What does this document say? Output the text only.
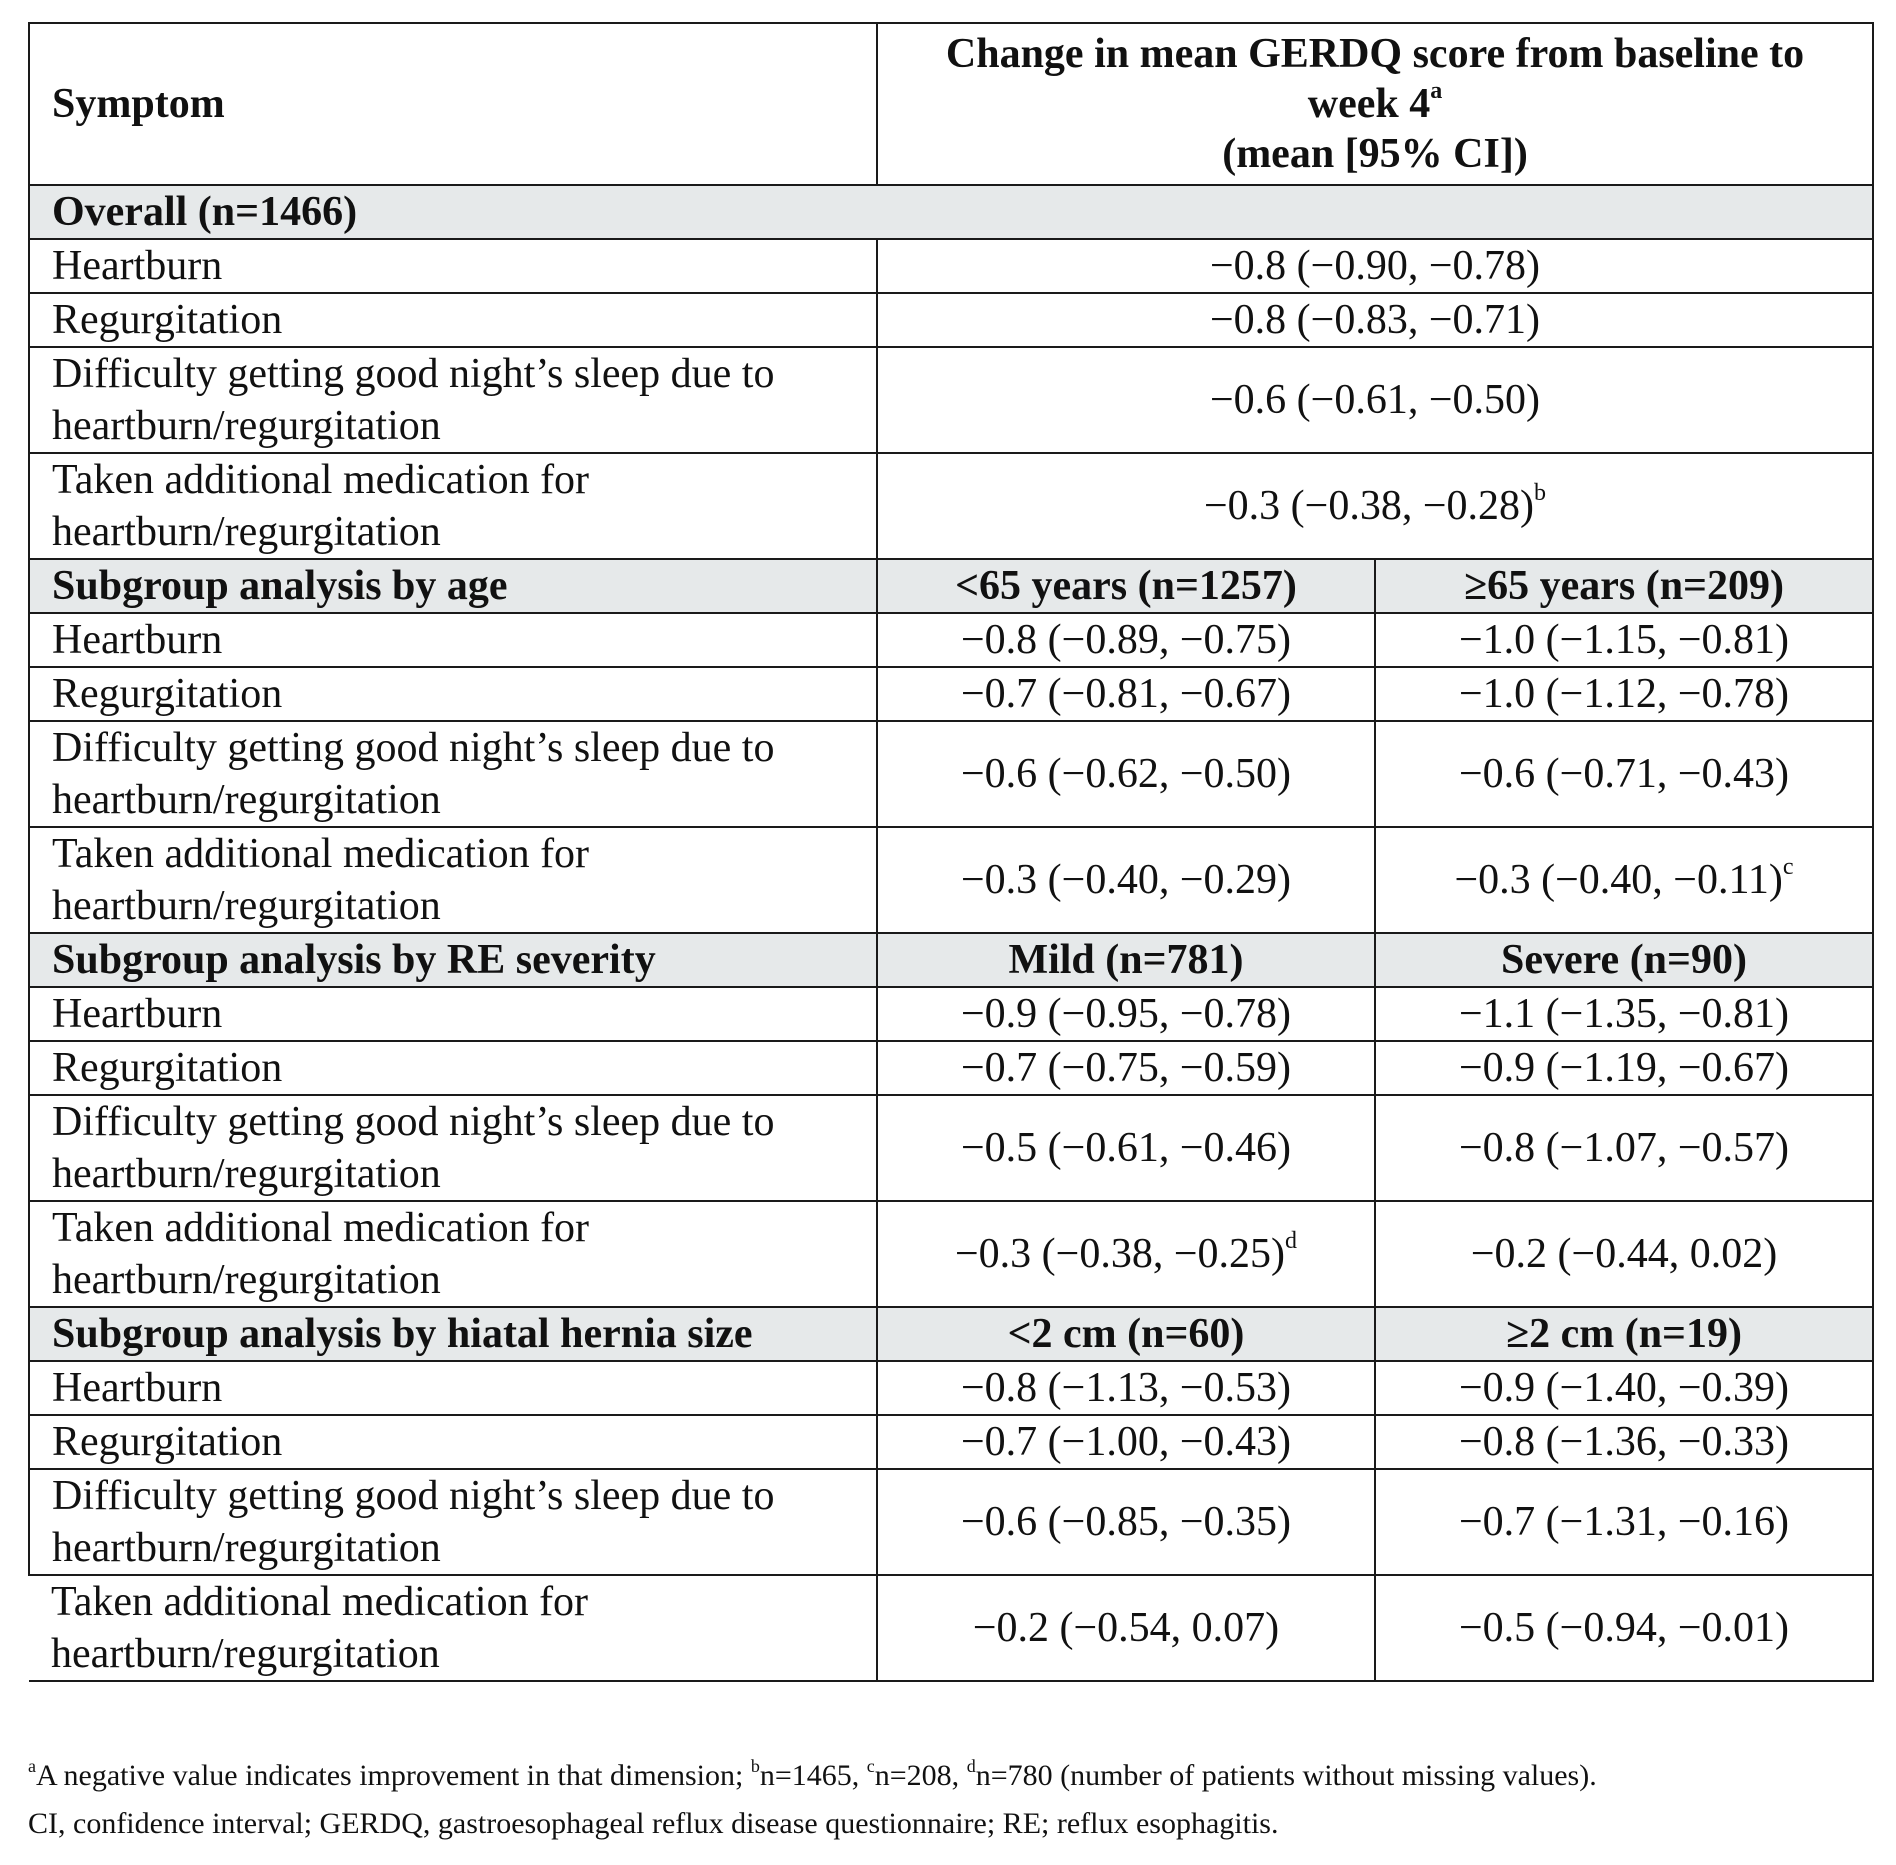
Symptom	Change in mean GERDQ score from baseline to
week 4$^a$
(mean [95% CI])	
Overall (n=1466)		
Heartburn	−0.8 (−0.90, −0.78)	
Regurgitation	−0.8 (−0.83, −0.71)	
Difficulty getting good night’s sleep due to heartburn/regurgitation	−0.6 (−0.61, −0.50)	
Taken additional medication for heartburn/regurgitation	−0.3 (−0.38, −0.28)$^b$
Subgroup analysis by age	<65 years (n=1257)	≥65 years (n=209)
Heartburn	−0.8 (−0.89, −0.75)	−1.0 (−1.15, −0.81)
Regurgitation	−0.7 (−0.81, −0.67)	−1.0 (−1.12, −0.78)
Difficulty getting good night’s sleep due to heartburn/regurgitation	−0.6 (−0.62, −0.50)	−0.6 (−0.71, −0.43)
Taken additional medication for heartburn/regurgitation	−0.3 (−0.40, −0.29)	−0.3 (−0.40, −0.11)$^c$
Subgroup analysis by RE severity	Mild (n=781)	Severe (n=90)
Heartburn	−0.9 (−0.95, −0.78)	−1.1 (−1.35, −0.81)
Regurgitation	−0.7 (−0.75, −0.59)	−0.9 (−1.19, −0.67)
Difficulty getting good night’s sleep due to heartburn/regurgitation	−0.5 (−0.61, −0.46)	−0.8 (−1.07, −0.57)
Taken additional medication for heartburn/regurgitation	−0.3 (−0.38, −0.25)$^d$	−0.2 (−0.44, 0.02)
Subgroup analysis by hiatal hernia size	<2 cm (n=60)	≥2 cm (n=19)
Heartburn	−0.8 (−1.13, −0.53)	−0.9 (−1.40, −0.39)
Regurgitation	−0.7 (−1.00, −0.43)	−0.8 (−1.36, −0.33)
Difficulty getting good night’s sleep due to heartburn/regurgitation	−0.6 (−0.85, −0.35)	−0.7 (−1.31, −0.16)
Taken additional medication for heartburn/regurgitation	−0.2 (−0.54, 0.07)	−0.5 (−0.94, −0.01)
$^a$A negative value indicates improvement in that dimension; $^b$n=1465, $^c$n=208, $^d$n=780 (number of patients without missing values).
CI, confidence interval; GERDQ, gastroesophageal reflux disease questionnaire; RE; reflux esophagitis.
